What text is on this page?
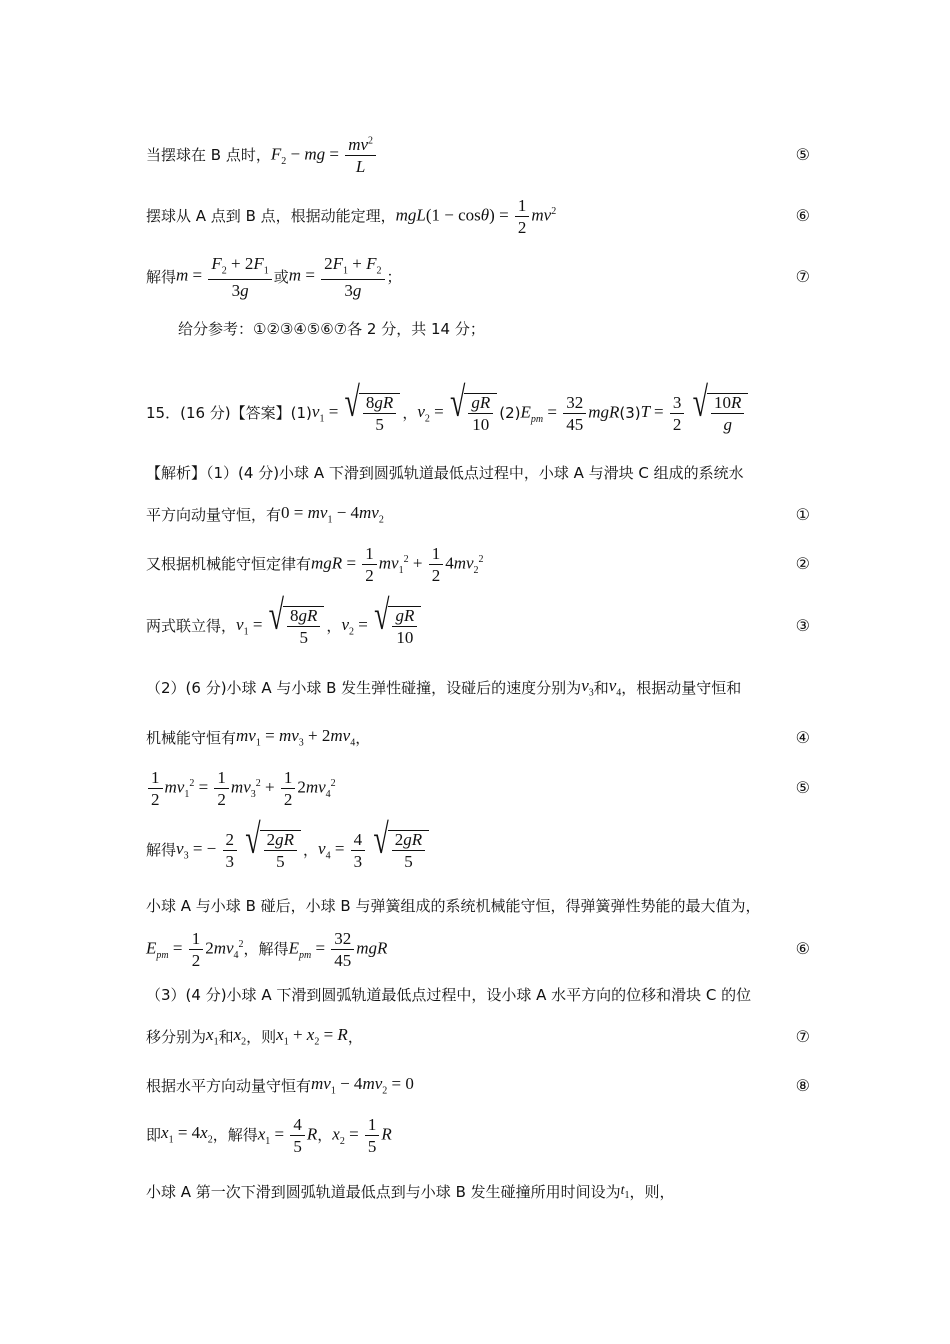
当摆球在 B 点时， $F_2$ − mg = $\frac{mv^2}{L}$	⑤
摆球从 A 点到 B 点，根据动能定理， $mgL(1 - \cos\theta) = \frac{1}{2} mv^2$	⑥
解得 $m = \frac{F_2 + 2F_1}{3g}$ 或 $m = \frac{2F_1 + F_2}{3g}$ ；	⑦
给分参考：①②③④⑤⑥⑦各 2 分，共 14 分；
15．(16 分)【答案】(1) $v_1$ = √ $\frac{8gR}{5}$ ， $v_2$ = √ $\frac{gR}{10} (2) E_{pm} = \frac{32}{45}$ mgR (3) $T = \frac{3}{2}$
√ $\frac{10R}{g}$
【解析】（1）(4 分)小球 A 下滑到圆弧轨道最低点过程中，小球 A 与滑块 C 组成的系统水
平方向动量守恒，有 $0 = mv_1 - 4mv_2$	①
又根据机械能守恒定律有 mgR = $\frac{1}{2} mv_1^2 + \frac{1}{2} 4mv_2^2$	②
两式联立得， $v_1$ = √ $\frac{8gR}{5}$ ， $v_2$ = √ $\frac{gR}{10}$	③
（2）(6 分)小球 A 与小球 B 发生弹性碰撞，设碰后的速度分别为 $v_3$ 和 $v_4$ ，根据动量守恒和
机械能守恒有 $mv_1 = mv_3 + 2mv_4$ ，	④
$\frac{1}{2} mv_1^2 = \frac{1}{2} mv_3^2 + \frac{1}{2} 2mv_4^2$	⑤
解得 $v_3$ = − $\frac{2}{3}$
√ $\frac{2gR}{5}$ ， $v_4 = \frac{4}{3}$
√ $\frac{2gR}{5}$
小球 A 与小球 B 碰后，小球 B 与弹簧组成的系统机械能守恒，得弹簧弹性势能的最大值为，
$E_{pm} = \frac{1}{2} 2mv_4^2$ ，解得 $E_{pm} = \frac{32}{45}$ mgR	⑥
（3）(4 分)小球 A 下滑到圆弧轨道最低点过程中，设小球 A 水平方向的位移和滑块 C 的位
移分别为 $x_1$ 和 $x_2$ ，则 $x_1 + x_2 = R$ ，	⑦
根据水平方向动量守恒有 $mv_1 - 4mv_2 = 0$	⑧
即 $x_1 = 4x_2$ ，解得 $x_1 = \frac{4}{5}$ R ， $x_2 = \frac{1}{5}$ R
小球 A 第一次下滑到圆弧轨道最低点到与小球 B 发生碰撞所用时间设为 $t_1$ ，则，
